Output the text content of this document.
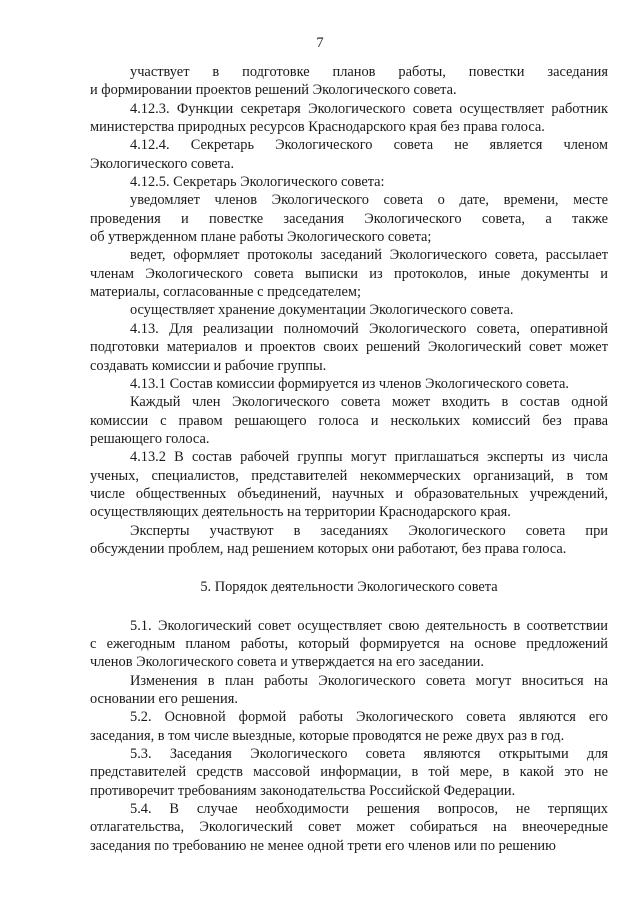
7
участвует в подготовке планов работы, повестки заседания
и формировании проектов решений Экологического совета.
4.12.3. Функции секретаря Экологического совета осуществляет работник
министерства природных ресурсов Краснодарского края без права голоса.
4.12.4. Секретарь Экологического совета не является членом
Экологического совета.
4.12.5. Секретарь Экологического совета:
уведомляет членов Экологического совета о дате, времени, месте
проведения и повестке заседания Экологического совета, а также
об утвержденном плане работы Экологического совета;
ведет, оформляет протоколы заседаний Экологического совета, рассылает
членам Экологического совета выписки из протоколов, иные документы и
материалы, согласованные с председателем;
осуществляет хранение документации Экологического совета.
4.13. Для реализации полномочий Экологического совета, оперативной
подготовки материалов и проектов своих решений Экологический совет может
создавать комиссии и рабочие группы.
4.13.1 Состав комиссии формируется из членов Экологического совета.
Каждый член Экологического совета может входить в состав одной
комиссии с правом решающего голоса и нескольких комиссий без права
решающего голоса.
4.13.2 В состав рабочей группы могут приглашаться эксперты из числа
ученых, специалистов, представителей некоммерческих организаций, в том
числе общественных объединений, научных и образовательных учреждений,
осуществляющих деятельность на территории Краснодарского края.
Эксперты участвуют в заседаниях Экологического совета при
обсуждении проблем, над решением которых они работают, без права голоса.
5. Порядок деятельности Экологического совета
5.1. Экологический совет осуществляет свою деятельность в соответствии
с ежегодным планом работы, который формируется на основе предложений
членов Экологического совета и утверждается на его заседании.
Изменения в план работы Экологического совета могут вноситься на
основании его решения.
5.2. Основной формой работы Экологического совета являются его
заседания, в том числе выездные, которые проводятся не реже двух раз в год.
5.3. Заседания Экологического совета являются открытыми для
представителей средств массовой информации, в той мере, в какой это не
противоречит требованиям законодательства Российской Федерации.
5.4. В случае необходимости решения вопросов, не терпящих
отлагательства, Экологический совет может собираться на внеочередные
заседания по требованию не менее одной трети его членов или по решению
